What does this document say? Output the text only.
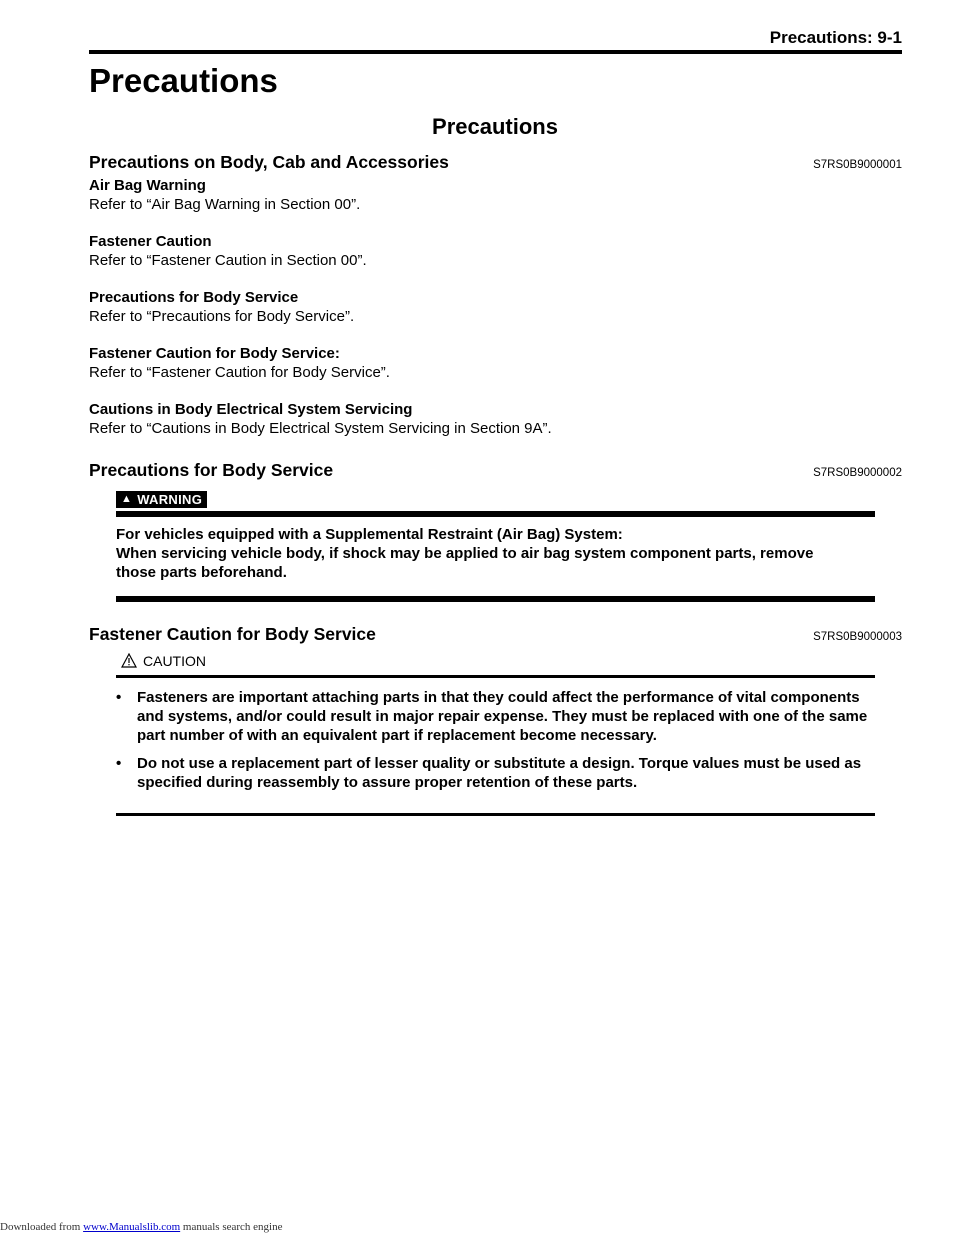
Precautions: 9-1
Precautions
Precautions
Precautions on Body, Cab and Accessories	S7RS0B9000001
Air Bag Warning
Refer to “Air Bag Warning in Section 00”.
Fastener Caution
Refer to “Fastener Caution in Section 00”.
Precautions for Body Service
Refer to “Precautions for Body Service”.
Fastener Caution for Body Service:
Refer to “Fastener Caution for Body Service”.
Cautions in Body Electrical System Servicing
Refer to “Cautions in Body Electrical System Servicing in Section 9A”.
Precautions for Body Service	S7RS0B9000002
▲ WARNING
For vehicles equipped with a Supplemental Restraint (Air Bag) System:
When servicing vehicle body, if shock may be applied to air bag system component parts, remove
those parts beforehand.
Fastener Caution for Body Service	S7RS0B9000003
CAUTION
• Fasteners are important attaching parts in that they could affect the performance of vital components and systems, and/or could result in major repair expense. They must be replaced with one of the same part number of with an equivalent part if replacement become necessary.
• Do not use a replacement part of lesser quality or substitute a design. Torque values must be used as specified during reassembly to assure proper retention of these parts.
Downloaded from www.Manualslib.com manuals search engine
